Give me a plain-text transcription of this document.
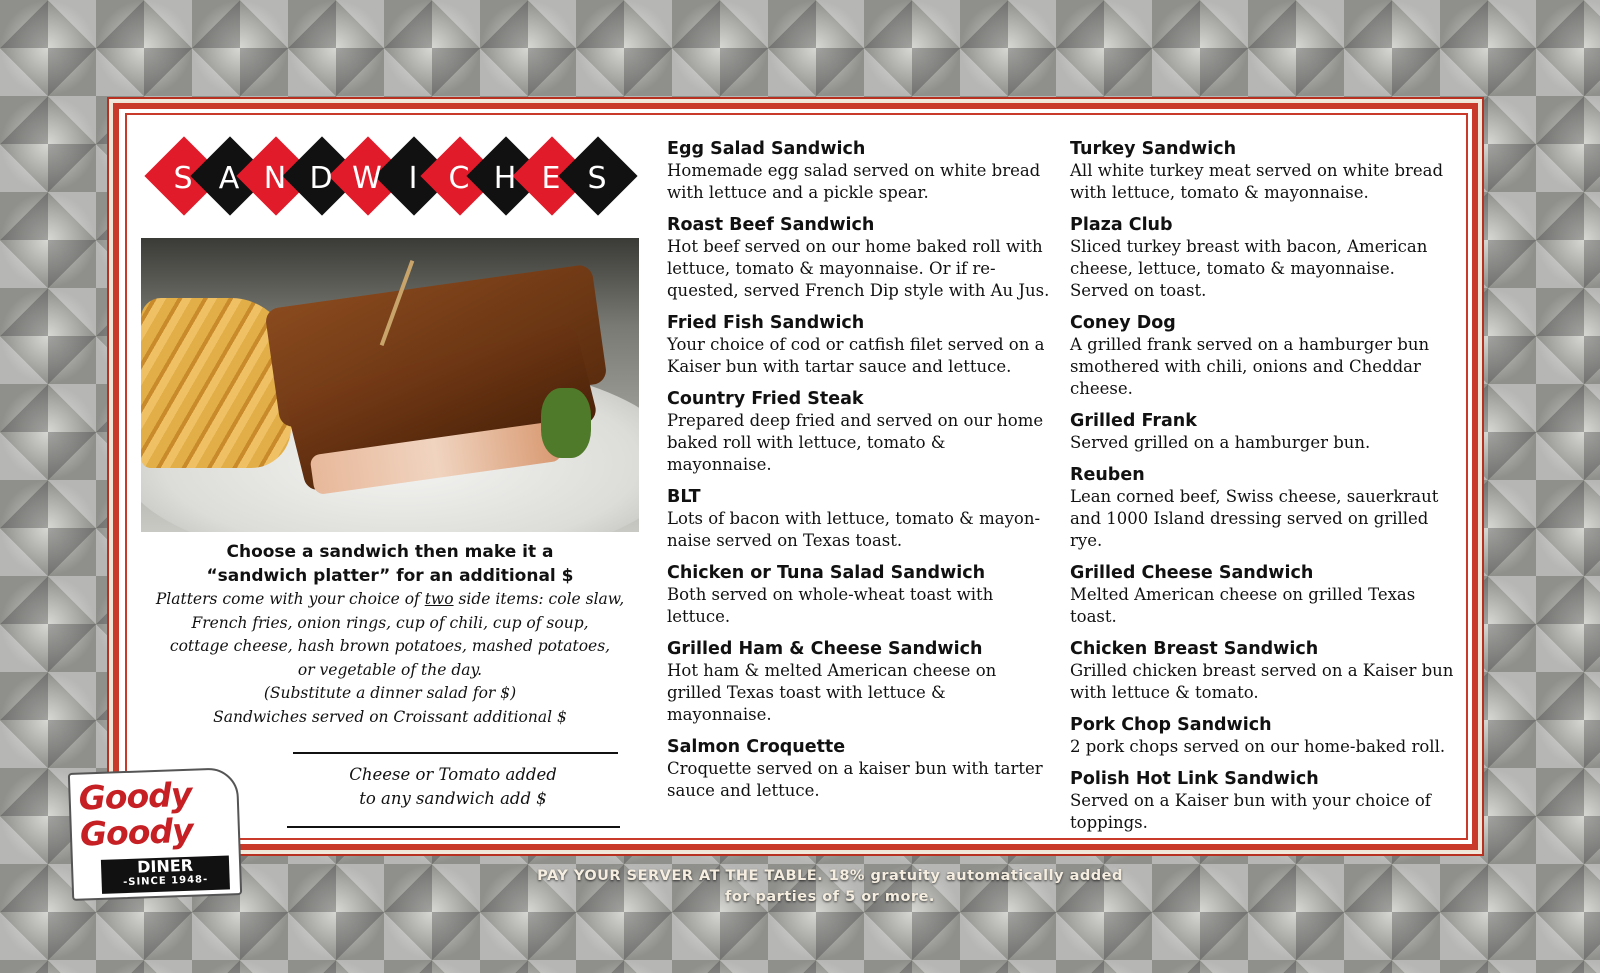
S A N D W I	C H E S
Choose a sandwich then make it a
“sandwich platter” for an additional $
Platters come with your choice of two side items: cole slaw,
French fries, onion rings, cup of chili, cup of soup,
cottage cheese, hash brown potatoes, mashed potatoes,
or vegetable of the day.
(Substitute a dinner salad for $)
Sandwiches served on Croissant additional $
Cheese or Tomato added
to any sandwich add $
Goody
Goody
DINER
-SINCE 1948-
Egg Salad Sandwich
Homemade egg salad served on white bread with lettuce and a pickle spear.
Roast Beef Sandwich
Hot beef served on our home baked roll with lettuce, tomato & mayonnaise. Or if re-quested, served French Dip style with Au Jus.
Fried Fish Sandwich
Your choice of cod or catfish filet served on a Kaiser bun with tartar sauce and lettuce.
Country Fried Steak
Prepared deep fried and served on our home baked roll with lettuce, tomato & mayonnaise.
BLT
Lots of bacon with lettuce, tomato & mayon-naise served on Texas toast.
Chicken or Tuna Salad Sandwich
Both served on whole-wheat toast with lettuce.
Grilled Ham & Cheese Sandwich
Hot ham & melted American cheese on grilled Texas toast with lettuce & mayonnaise.
Salmon Croquette
Croquette served on a kaiser bun with tarter sauce and lettuce.
Turkey Sandwich
All white turkey meat served on white bread with lettuce, tomato & mayonnaise.
Plaza Club
Sliced turkey breast with bacon, American cheese, lettuce, tomato & mayonnaise. Served on toast.
Coney Dog
A grilled frank served on a hamburger bun smothered with chili, onions and Cheddar cheese.
Grilled Frank
Served grilled on a hamburger bun.
Reuben
Lean corned beef, Swiss cheese, sauerkraut and 1000 Island dressing served on grilled rye.
Grilled Cheese Sandwich
Melted American cheese on grilled Texas toast.
Chicken Breast Sandwich
Grilled chicken breast served on a Kaiser bun with lettuce & tomato.
Pork Chop Sandwich
2 pork chops served on our home-baked roll.
Polish Hot Link Sandwich
Served on a Kaiser bun with your choice of toppings.
PAY YOUR SERVER AT THE TABLE. 18% gratuity automatically added
for parties of 5 or more.
